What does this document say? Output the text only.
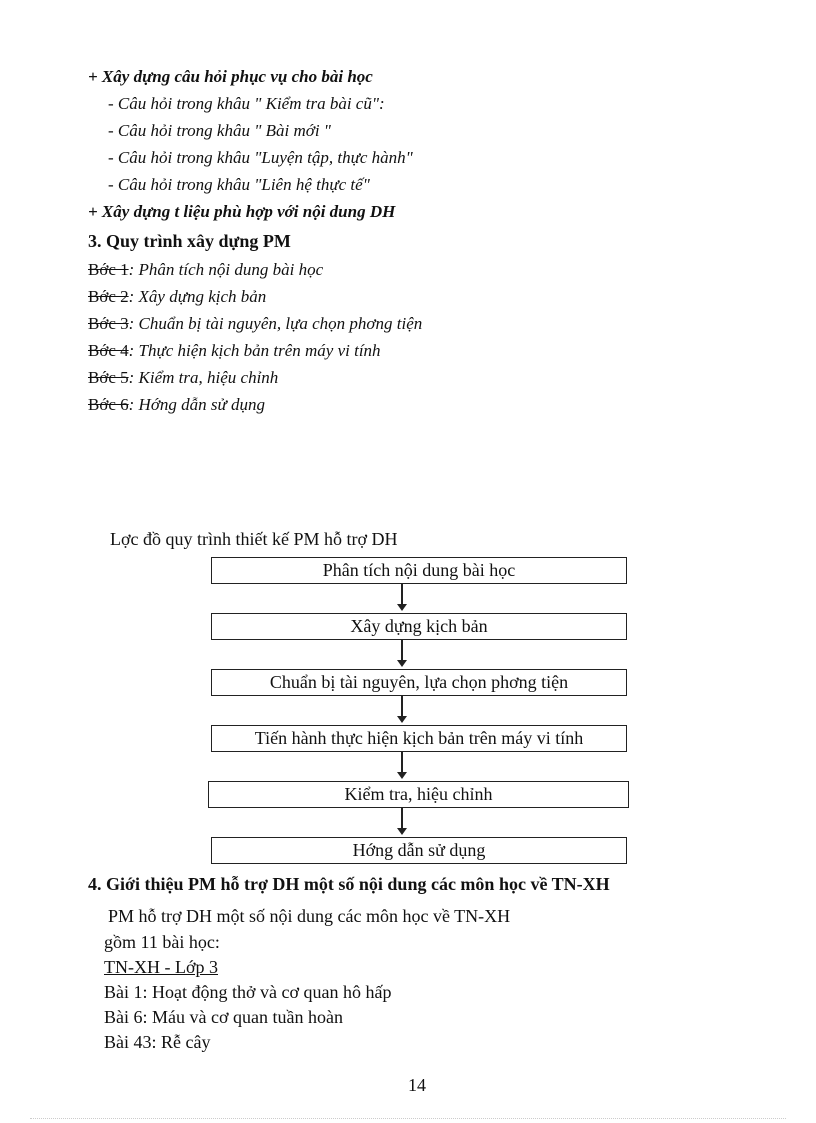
+ Xây dựng câu hỏi phục vụ cho bài học
- Câu hỏi trong khâu " Kiểm tra bài cũ":
- Câu hỏi trong khâu " Bài mới "
- Câu hỏi trong khâu "Luyện tập, thực hành"
- Câu hỏi trong khâu "Liên hệ thực tế"
+ Xây dựng t liệu phù hợp với nội dung DH
3. Quy trình xây dựng PM
Bớc 1: Phân tích nội dung bài học
Bớc 2: Xây dựng kịch bản
Bớc 3: Chuẩn bị tài nguyên, lựa chọn phơng tiện
Bớc 4: Thực hiện kịch bản trên máy vi tính
Bớc 5: Kiểm tra, hiệu chỉnh
Bớc 6: Hớng dẫn sử dụng
Lợc đồ quy trình thiết kế PM hỗ trợ DH
Phân tích nội dung bài học
Xây dựng kịch bản
Chuẩn bị tài nguyên, lựa chọn phơng tiện
Tiến hành thực hiện kịch bản trên máy vi tính
Kiểm tra, hiệu chỉnh
Hớng dẫn sử dụng
4. Giới thiệu PM hỗ trợ DH một số nội dung các môn học về TN-XH
PM hỗ trợ DH một số nội dung các môn học về TN-XH
gồm 11 bài học:
TN-XH - Lớp 3
Bài 1: Hoạt động thở và cơ quan hô hấp
Bài 6: Máu và cơ quan tuần hoàn
Bài 43: Rễ cây
14
